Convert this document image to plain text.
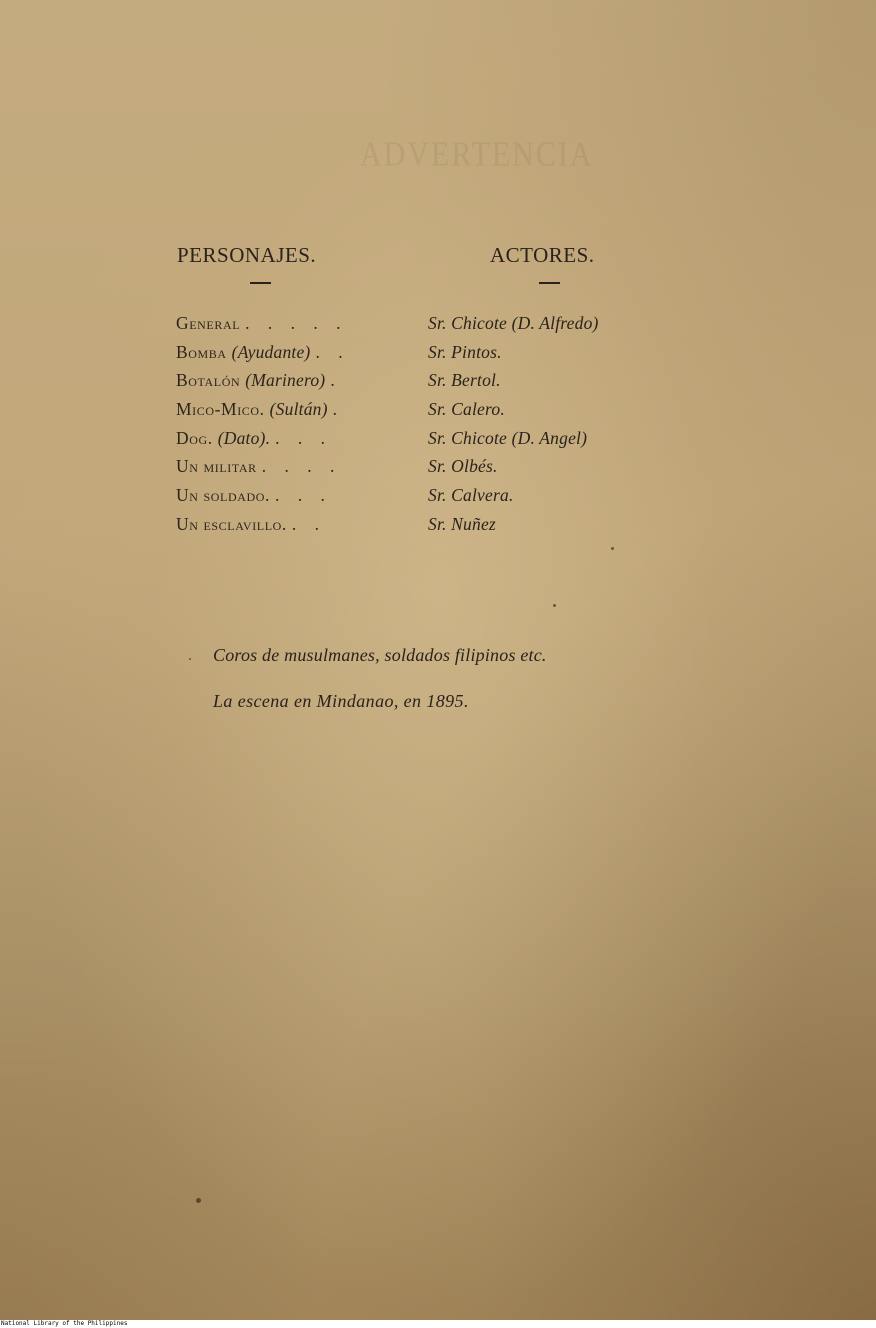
ADVERTENCIA
PERSONAJES.	ACTORES.
General . . . . .	Sr. Chicote (D. Alfredo)
Bomba (Ayudante) . .	Sr. Pintos.
Botalón (Marinero) .	Sr. Bertol.
Mico-Mico. (Sultán) .	Sr. Calero.
Dog. (Dato). . . .	Sr. Chicote (D. Angel)
Un militar . . . .	Sr. Olbés.
Un soldado. . . .	Sr. Calvera.
Un esclavillo. . .	Sr. Nuñez
Coros de musulmanes, soldados filipinos etc.
La escena en Mindanao, en 1895.
National Library of the Philippines
